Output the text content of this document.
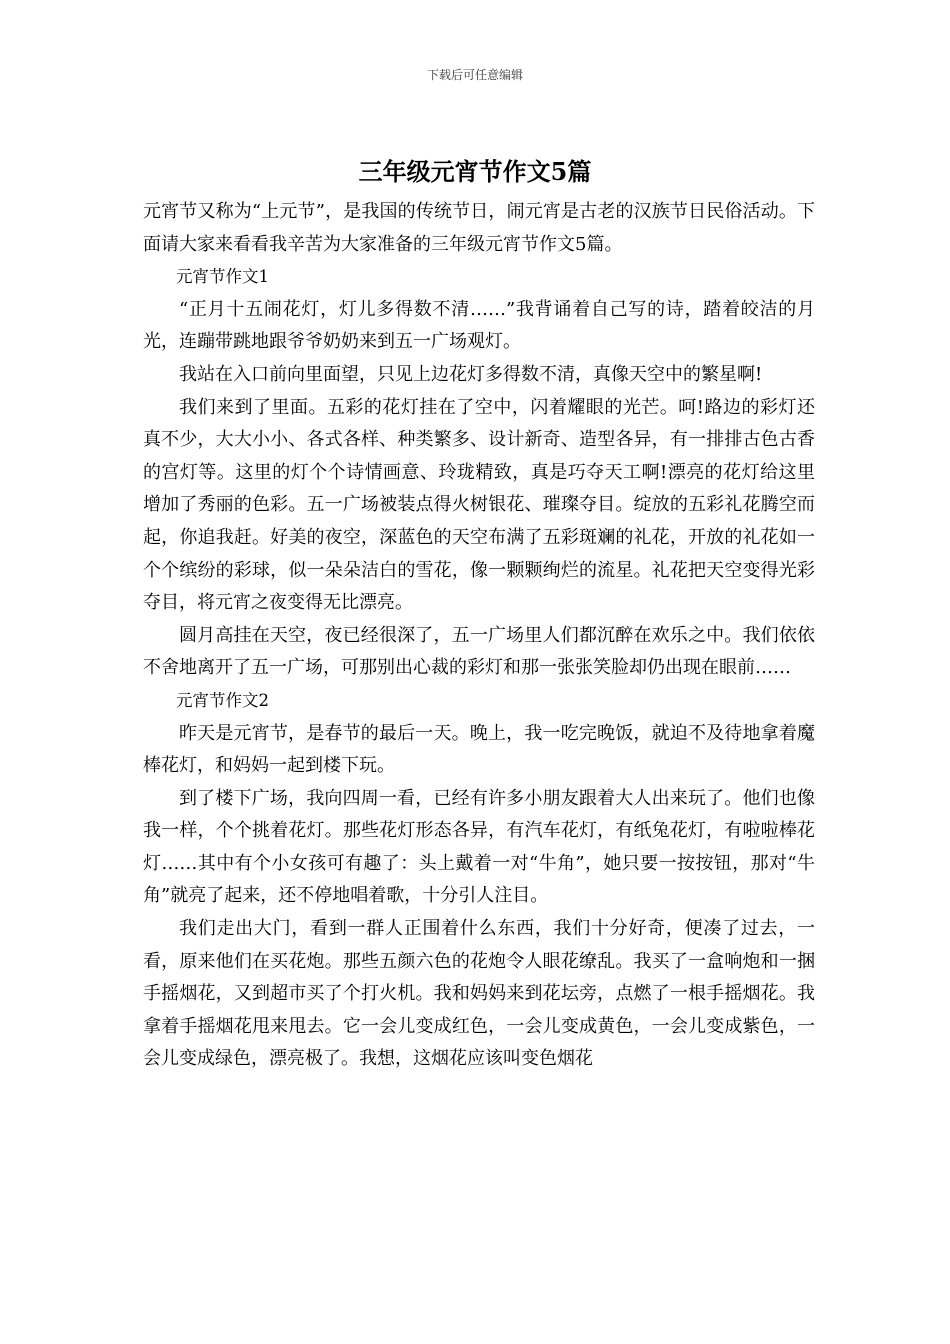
下载后可任意编辑
三年级元宵节作文5篇

元宵节又称为“上元节”，是我国的传统节日，闹元宵是古老的汉族节日民俗活动。下面请大家来看看我辛苦为大家准备的三年级元宵节作文5篇。

元宵节作文1

“正月十五闹花灯，灯儿多得数不清……”我背诵着自己写的诗，踏着皎洁的月光，连蹦带跳地跟爷爷奶奶来到五一广场观灯。

我站在入口前向里面望，只见上边花灯多得数不清，真像天空中的繁星啊!

我们来到了里面。五彩的花灯挂在了空中，闪着耀眼的光芒。呵!路边的彩灯还真不少，大大小小、各式各样、种类繁多、设计新奇、造型各异，有一排排古色古香的宫灯等。这里的灯个个诗情画意、玲珑精致，真是巧夺天工啊!漂亮的花灯给这里增加了秀丽的色彩。五一广场被装点得火树银花、璀璨夺目。绽放的五彩礼花腾空而起，你追我赶。好美的夜空，深蓝色的天空布满了五彩斑斓的礼花，开放的礼花如一个个缤纷的彩球，似一朵朵洁白的雪花，像一颗颗绚烂的流星。礼花把天空变得光彩夺目，将元宵之夜变得无比漂亮。

圆月高挂在天空，夜已经很深了，五一广场里人们都沉醉在欢乐之中。我们依依不舍地离开了五一广场，可那别出心裁的彩灯和那一张张笑脸却仍出现在眼前……

元宵节作文2

昨天是元宵节，是春节的最后一天。晚上，我一吃完晚饭，就迫不及待地拿着魔棒花灯，和妈妈一起到楼下玩。

到了楼下广场，我向四周一看，已经有许多小朋友跟着大人出来玩了。他们也像我一样，个个挑着花灯。那些花灯形态各异，有汽车花灯，有纸兔花灯，有啦啦棒花灯……其中有个小女孩可有趣了：头上戴着一对“牛角”，她只要一按按钮，那对“牛角”就亮了起来，还不停地唱着歌，十分引人注目。

我们走出大门，看到一群人正围着什么东西，我们十分好奇，便凑了过去，一看，原来他们在买花炮。那些五颜六色的花炮令人眼花缭乱。我买了一盒响炮和一捆手摇烟花，又到超市买了个打火机。我和妈妈来到花坛旁，点燃了一根手摇烟花。我拿着手摇烟花甩来甩去。它一会儿变成红色，一会儿变成黄色，一会儿变成紫色，一会儿变成绿色，漂亮极了。我想，这烟花应该叫变色烟花
